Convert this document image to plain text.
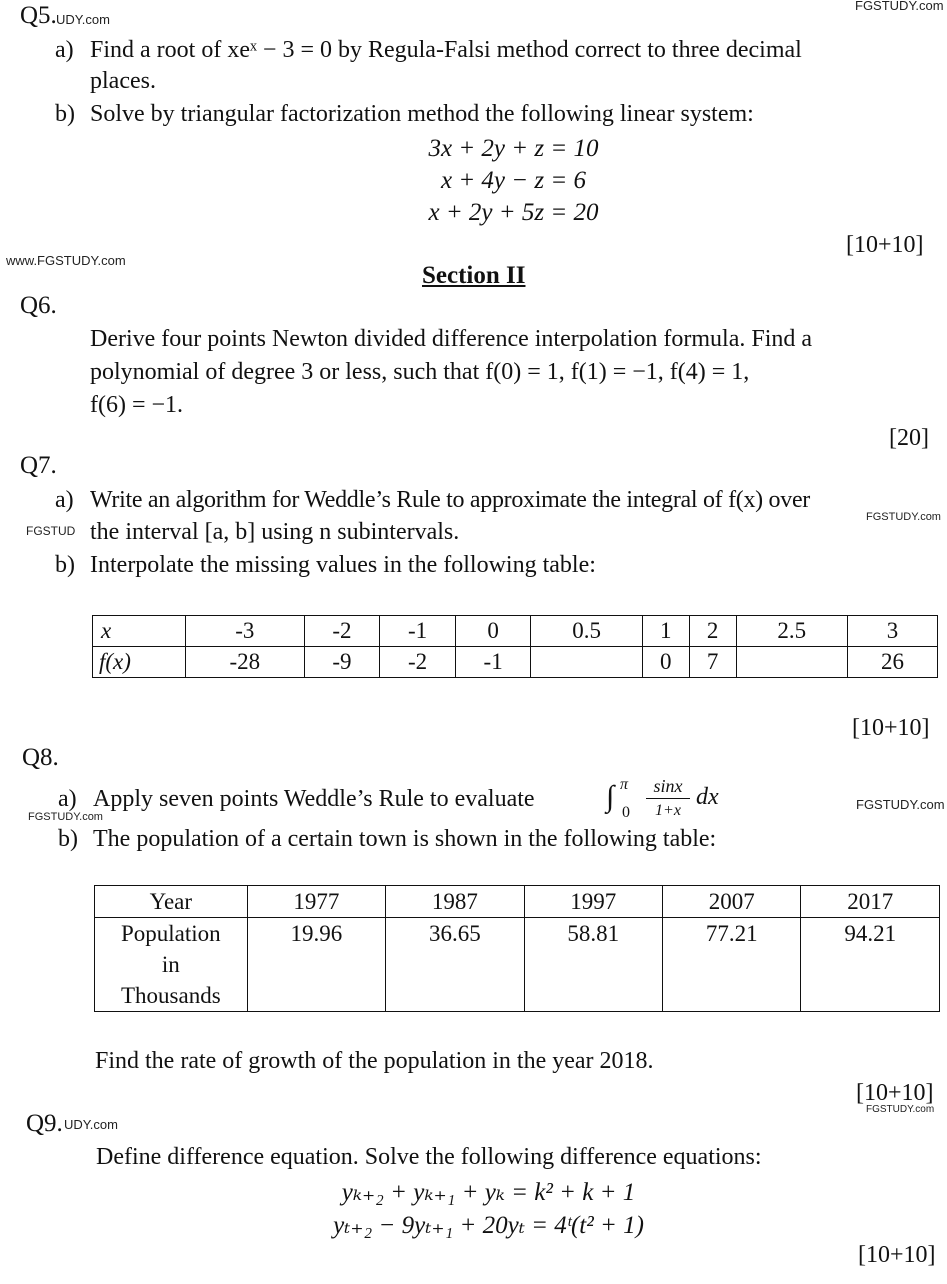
UDY.com
FGSTUDY.com
www.FGSTUDY.com
FGSTUD
FGSTUDY.com
FGSTUDY.com
FGSTUDY.com
UDY.com
FGSTUDY.com
Q5.
a) Find a root of xeˣ − 3 = 0 by Regula-Falsi method correct to three decimal
places.
b) Solve by triangular factorization method the following linear system:
3x + 2y + z = 10
x + 4y − z = 6
x + 2y + 5z = 20
[10+10]
Section II
Q6.
Derive four points Newton divided difference interpolation formula. Find a
polynomial of degree 3 or less, such that f(0) = 1, f(1) = −1, f(4) = 1,
f(6) = −1.
[20]
Q7.
a) Write an algorithm for Weddle’s Rule to approximate the integral of f(x) over
the interval [a, b] using n subintervals.
b) Interpolate the missing values in the following table:
x	-3	-2	-1	0	0.5	1	2	2.5	3
f(x)	-28	-9	-2	-1		0	7		26
[10+10]
Q8.
a) Apply seven points Weddle’s Rule to evaluate ∫ π
0
sinx
1+x
dx
b) The population of a certain town is shown in the following table:
Year	1977	1987	1997	2007	2017

Population
in
Thousands	19.96	36.65	58.81	77.21	94.21
Find the rate of growth of the population in the year 2018.
[10+10]
Q9.
Define difference equation. Solve the following difference equations:
yₖ₊₂ + yₖ₊₁ + yₖ = k² + k + 1
yₜ₊₂ − 9yₜ₊₁ + 20yₜ = 4ᵗ(t² + 1)
[10+10]
